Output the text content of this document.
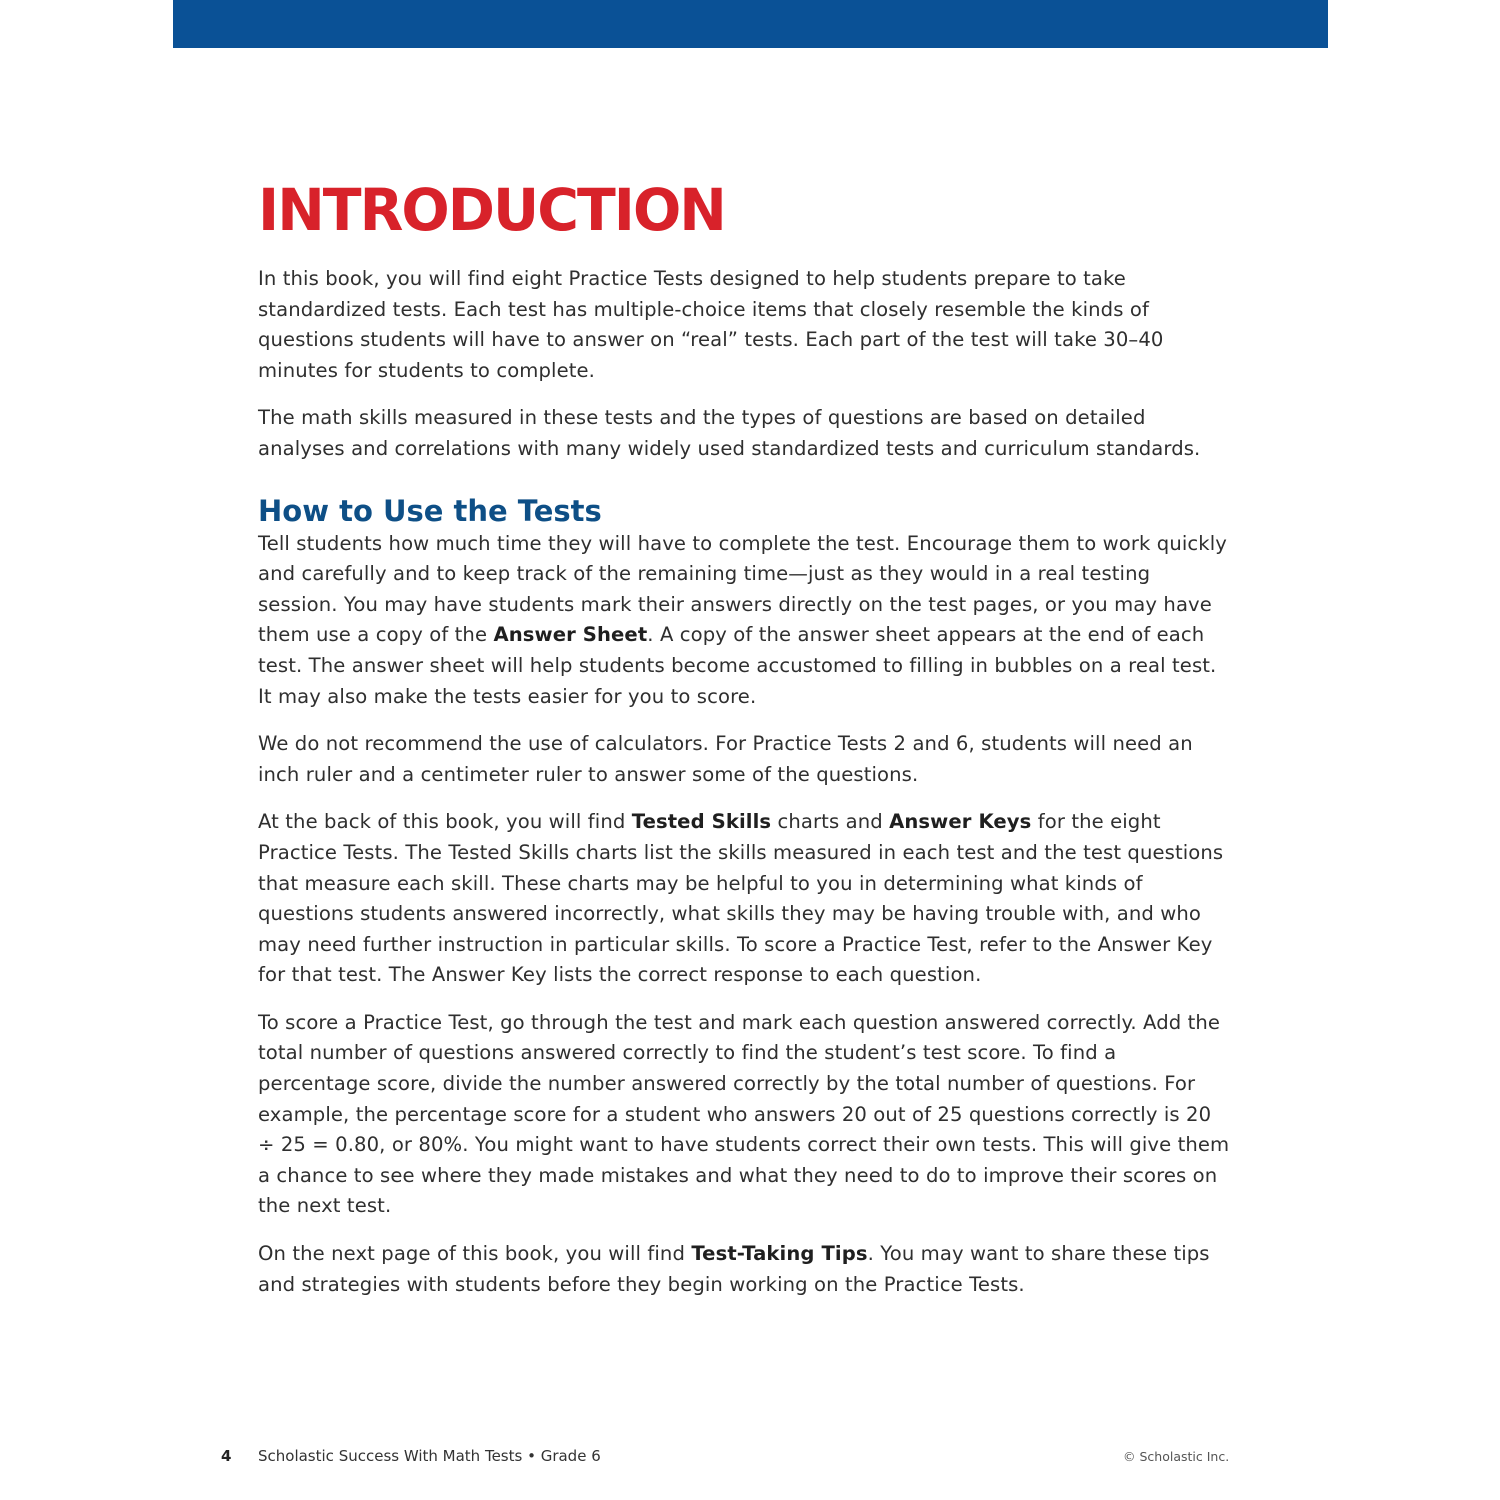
INTRODUCTION

In this book, you will find eight Practice Tests designed to help students prepare to take standardized tests. Each test has multiple-choice items that closely resemble the kinds of questions students will have to answer on “real” tests. Each part of the test will take 30–40 minutes for students to complete.

The math skills measured in these tests and the types of questions are based on detailed analyses and correlations with many widely used standardized tests and curriculum standards.

How to Use the Tests

Tell students how much time they will have to complete the test. Encourage them to work quickly and carefully and to keep track of the remaining time—just as they would in a real testing session. You may have students mark their answers directly on the test pages, or you may have them use a copy of the Answer Sheet. A copy of the answer sheet appears at the end of each test. The answer sheet will help students become accustomed to filling in bubbles on a real test. It may also make the tests easier for you to score.

We do not recommend the use of calculators. For Practice Tests 2 and 6, students will need an inch ruler and a centimeter ruler to answer some of the questions.

At the back of this book, you will find Tested Skills charts and Answer Keys for the eight Practice Tests. The Tested Skills charts list the skills measured in each test and the test questions that measure each skill. These charts may be helpful to you in determining what kinds of questions students answered incorrectly, what skills they may be having trouble with, and who may need further instruction in particular skills. To score a Practice Test, refer to the Answer Key for that test. The Answer Key lists the correct response to each question.

To score a Practice Test, go through the test and mark each question answered correctly. Add the total number of questions answered correctly to find the student’s test score. To find a percentage score, divide the number answered correctly by the total number of questions. For example, the percentage score for a student who answers 20 out of 25 questions correctly is 20 ÷ 25 = 0.80, or 80%. You might want to have students correct their own tests. This will give them a chance to see where they made mistakes and what they need to do to improve their scores on the next test.

On the next page of this book, you will find Test-Taking Tips. You may want to share these tips and strategies with students before they begin working on the Practice Tests.

4 Scholastic Success With Math Tests • Grade 6	© Scholastic Inc.
